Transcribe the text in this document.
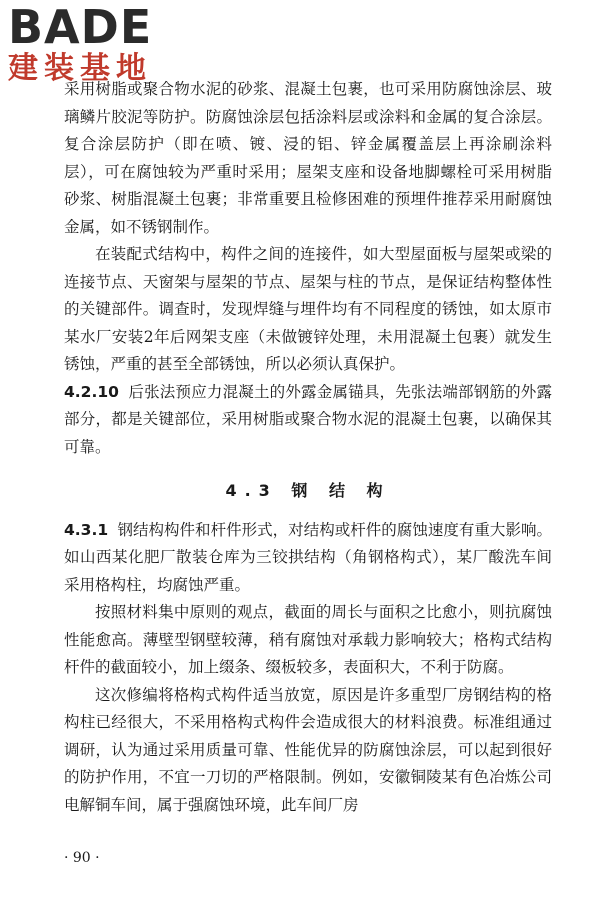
BADE
建装基地

采用树脂或聚合物水泥的砂浆、混凝土包裹，也可采用防腐蚀涂层、玻璃鳞片胶泥等防护。防腐蚀涂层包括涂料层或涂料和金属的复合涂层。复合涂层防护（即在喷、镀、浸的铝、锌金属覆盖层上再涂刷涂料层），可在腐蚀较为严重时采用；屋架支座和设备地脚螺栓可采用树脂砂浆、树脂混凝土包裹；非常重要且检修困难的预埋件推荐采用耐腐蚀金属，如不锈钢制作。

在装配式结构中，构件之间的连接件，如大型屋面板与屋架或梁的连接节点、天窗架与屋架的节点、屋架与柱的节点，是保证结构整体性的关键部件。调查时，发现焊缝与埋件均有不同程度的锈蚀，如太原市某水厂安装2年后网架支座（未做镀锌处理，未用混凝土包裹）就发生锈蚀，严重的甚至全部锈蚀，所以必须认真保护。

4.2.10 后张法预应力混凝土的外露金属锚具，先张法端部钢筋的外露部分，都是关键部位，采用树脂或聚合物水泥的混凝土包裹，以确保其可靠。

4.3 钢 结 构

4.3.1 钢结构构件和杆件形式，对结构或杆件的腐蚀速度有重大影响。如山西某化肥厂散装仓库为三铰拱结构（角钢格构式），某厂酸洗车间采用格构柱，均腐蚀严重。

按照材料集中原则的观点，截面的周长与面积之比愈小，则抗腐蚀性能愈高。薄壁型钢壁较薄，稍有腐蚀对承载力影响较大；格构式结构杆件的截面较小，加上缀条、缀板较多，表面积大，不利于防腐。

这次修编将格构式构件适当放宽，原因是许多重型厂房钢结构的格构柱已经很大，不采用格构式构件会造成很大的材料浪费。标准组通过调研，认为通过采用质量可靠、性能优异的防腐蚀涂层，可以起到很好的防护作用，不宜一刀切的严格限制。例如，安徽铜陵某有色冶炼公司电解铜车间，属于强腐蚀环境，此车间厂房

· 90 ·
